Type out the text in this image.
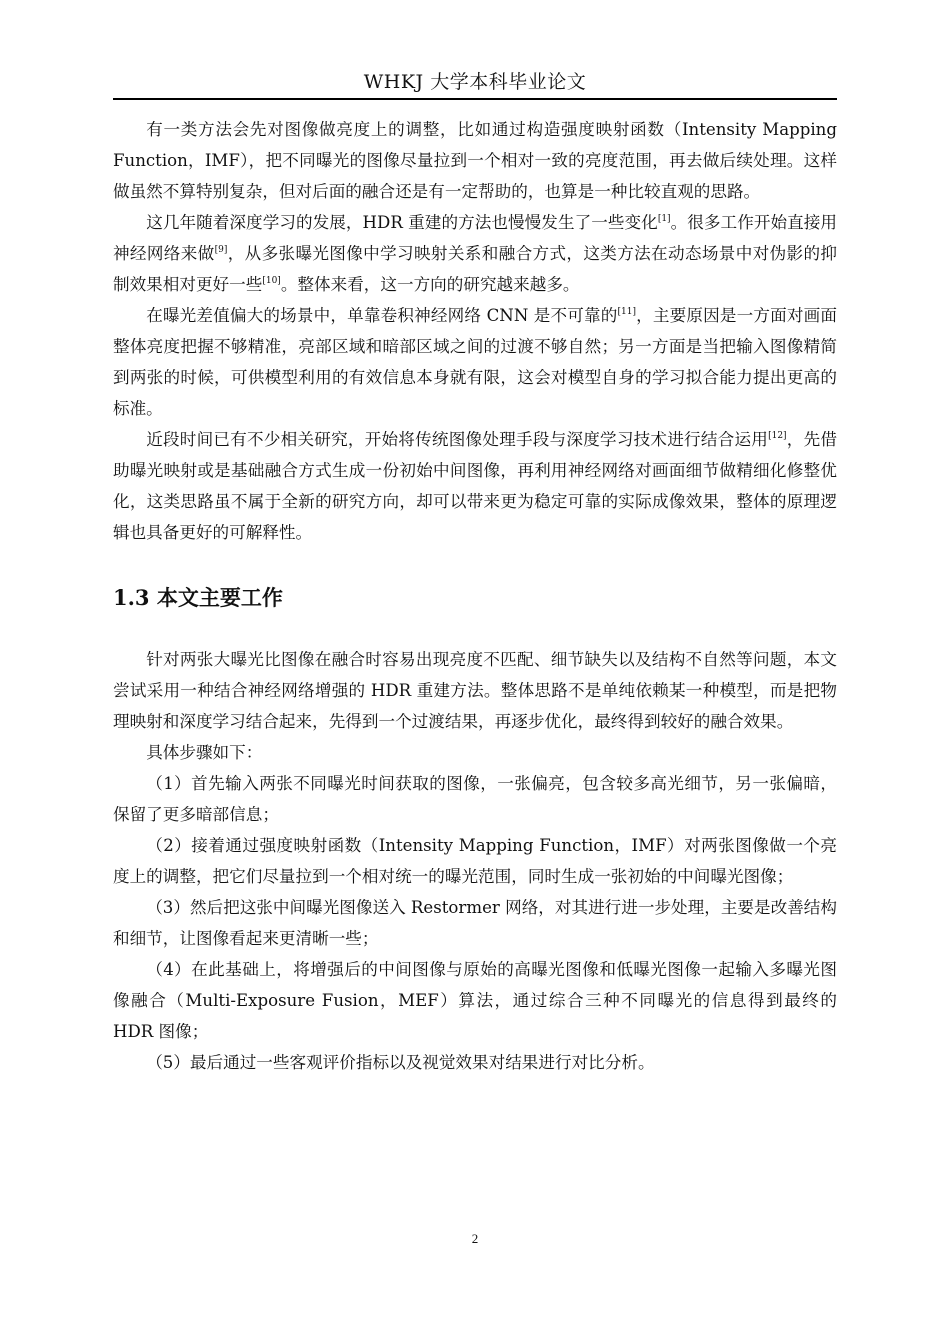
WHKJ 大学本科毕业论文

有一类方法会先对图像做亮度上的调整，比如通过构造强度映射函数（Intensity Mapping Function，IMF），把不同曝光的图像尽量拉到一个相对一致的亮度范围，再去做后续处理。这样做虽然不算特别复杂，但对后面的融合还是有一定帮助的，也算是一种比较直观的思路。

这几年随着深度学习的发展，HDR 重建的方法也慢慢发生了一些变化[1]。很多工作开始直接用神经网络来做[9]，从多张曝光图像中学习映射关系和融合方式，这类方法在动态场景中对伪影的抑制效果相对更好一些[10]。整体来看，这一方向的研究越来越多。

在曝光差值偏大的场景中，单靠卷积神经网络 CNN 是不可靠的[11]，主要原因是一方面对画面整体亮度把握不够精准，亮部区域和暗部区域之间的过渡不够自然；另一方面是当把输入图像精简到两张的时候，可供模型利用的有效信息本身就有限，这会对模型自身的学习拟合能力提出更高的标准。

近段时间已有不少相关研究，开始将传统图像处理手段与深度学习技术进行结合运用[12]，先借助曝光映射或是基础融合方式生成一份初始中间图像，再利用神经网络对画面细节做精细化修整优化，这类思路虽不属于全新的研究方向，却可以带来更为稳定可靠的实际成像效果，整体的原理逻辑也具备更好的可解释性。

1.3 本文主要工作

针对两张大曝光比图像在融合时容易出现亮度不匹配、细节缺失以及结构不自然等问题，本文尝试采用一种结合神经网络增强的 HDR 重建方法。整体思路不是单纯依赖某一种模型，而是把物理映射和深度学习结合起来，先得到一个过渡结果，再逐步优化，最终得到较好的融合效果。

具体步骤如下：

（1）首先输入两张不同曝光时间获取的图像，一张偏亮，包含较多高光细节，另一张偏暗，保留了更多暗部信息；

（2）接着通过强度映射函数（Intensity Mapping Function，IMF）对两张图像做一个亮度上的调整，把它们尽量拉到一个相对统一的曝光范围，同时生成一张初始的中间曝光图像；

（3）然后把这张中间曝光图像送入 Restormer 网络，对其进行进一步处理，主要是改善结构和细节，让图像看起来更清晰一些；

（4）在此基础上，将增强后的中间图像与原始的高曝光图像和低曝光图像一起输入多曝光图像融合（Multi-Exposure Fusion，MEF）算法，通过综合三种不同曝光的信息得到最终的 HDR 图像；

（5）最后通过一些客观评价指标以及视觉效果对结果进行对比分析。

2
